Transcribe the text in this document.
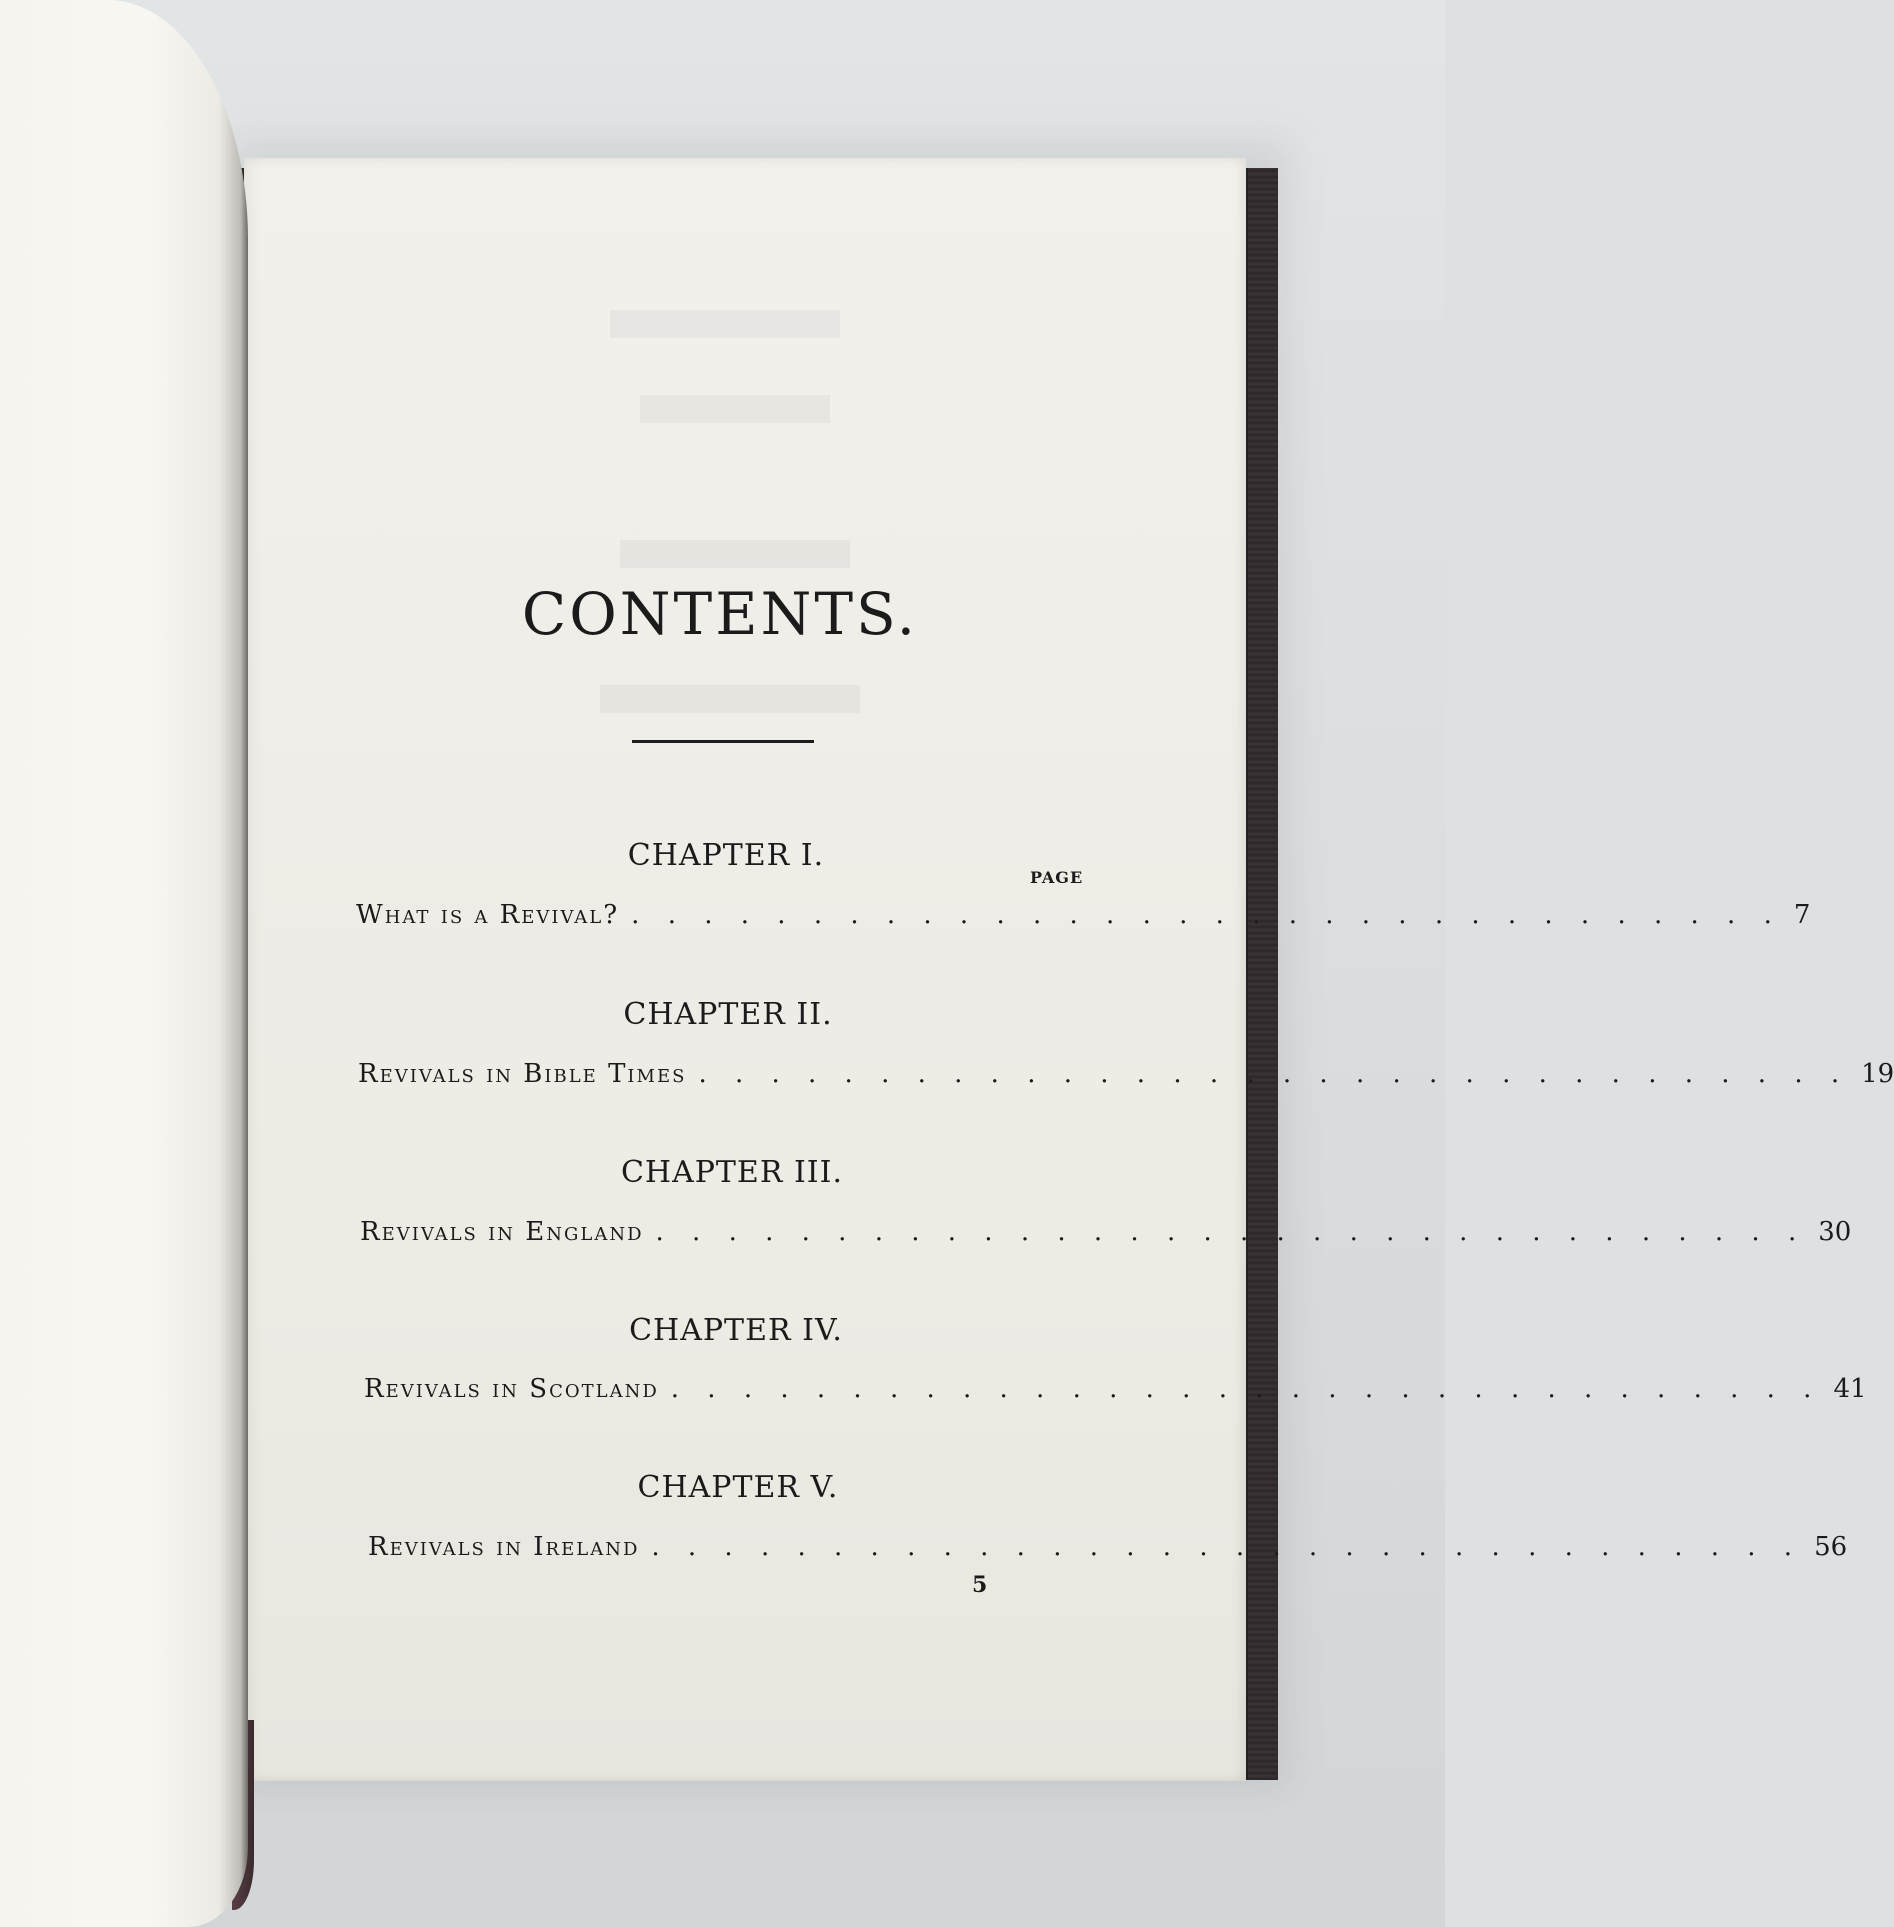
CONTENTS.
CHAPTER I.
PAGE
What is a Revival? . . . . . . . . . . . . . . . . . . . . . . . . . . . . . . . . 7
CHAPTER II.
Revivals in Bible Times . . . . . . . . . . . . . . . . . . . . . . . . . . . . . . . . 19
CHAPTER III.
Revivals in England . . . . . . . . . . . . . . . . . . . . . . . . . . . . . . . . 30
CHAPTER IV.
Revivals in Scotland . . . . . . . . . . . . . . . . . . . . . . . . . . . . . . . . 41
CHAPTER V.
Revivals in Ireland . . . . . . . . . . . . . . . . . . . . . . . . . . . . . . . . 56
5
